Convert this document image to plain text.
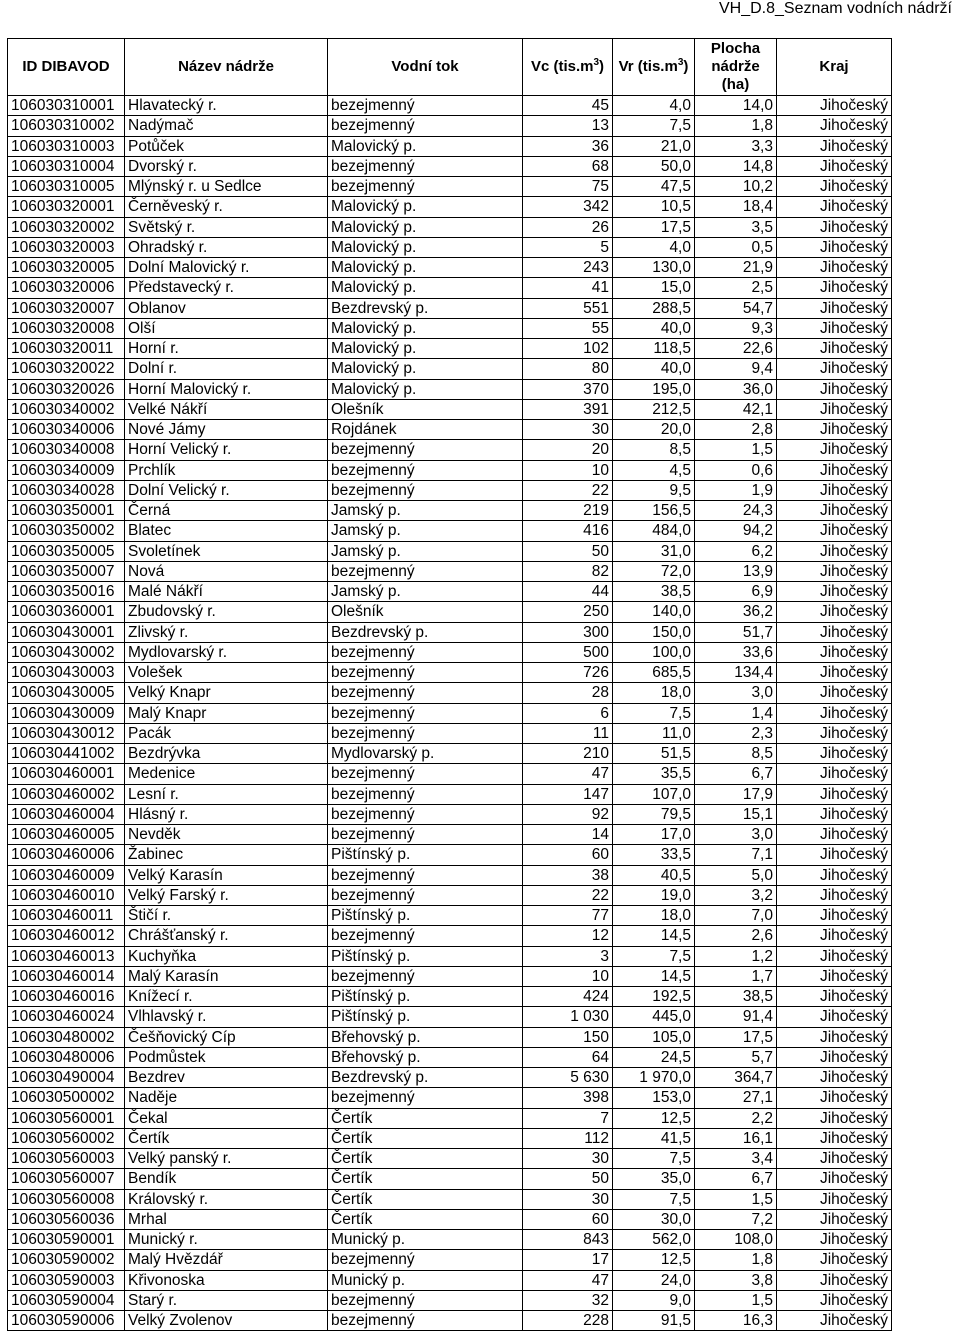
VH_D.8_Seznam vodních nádrží
ID DIBAVOD	Název nádrže	Vodní tok	Vc $(tis.m^3)$	Vr $(tis.m^3)$	Plocha
nádrže
(ha)	Kraj
106030310001	Hlavatecký r.	bezejmenný	45	4,0	14,0	Jihočeský
106030310002	Nadýmač	bezejmenný	13	7,5	1,8	Jihočeský
106030310003	Potůček	Malovický p.	36	21,0	3,3	Jihočeský
106030310004	Dvorský r.	bezejmenný	68	50,0	14,8	Jihočeský
106030310005	Mlýnský r. u Sedlce	bezejmenný	75	47,5	10,2	Jihočeský
106030320001	Černěveský r.	Malovický p.	342	10,5	18,4	Jihočeský
106030320002	Světský r.	Malovický p.	26	17,5	3,5	Jihočeský
106030320003	Ohradský r.	Malovický p.	5	4,0	0,5	Jihočeský
106030320005	Dolní Malovický r.	Malovický p.	243	130,0	21,9	Jihočeský
106030320006	Představecký r.	Malovický p.	41	15,0	2,5	Jihočeský
106030320007	Oblanov	Bezdrevský p.	551	288,5	54,7	Jihočeský
106030320008	Olší	Malovický p.	55	40,0	9,3	Jihočeský
106030320011	Horní r.	Malovický p.	102	118,5	22,6	Jihočeský
106030320022	Dolní r.	Malovický p.	80	40,0	9,4	Jihočeský
106030320026	Horní Malovický r.	Malovický p.	370	195,0	36,0	Jihočeský
106030340002	Velké Nákří	Olešník	391	212,5	42,1	Jihočeský
106030340006	Nové Jámy	Rojdánek	30	20,0	2,8	Jihočeský
106030340008	Horní Velický r.	bezejmenný	20	8,5	1,5	Jihočeský
106030340009	Prchlík	bezejmenný	10	4,5	0,6	Jihočeský
106030340028	Dolní Velický r.	bezejmenný	22	9,5	1,9	Jihočeský
106030350001	Černá	Jamský p.	219	156,5	24,3	Jihočeský
106030350002	Blatec	Jamský p.	416	484,0	94,2	Jihočeský
106030350005	Svoletínek	Jamský p.	50	31,0	6,2	Jihočeský
106030350007	Nová	bezejmenný	82	72,0	13,9	Jihočeský
106030350016	Malé Nákří	Jamský p.	44	38,5	6,9	Jihočeský
106030360001	Zbudovský r.	Olešník	250	140,0	36,2	Jihočeský
106030430001	Zlivský r.	Bezdrevský p.	300	150,0	51,7	Jihočeský
106030430002	Mydlovarský r.	bezejmenný	500	100,0	33,6	Jihočeský
106030430003	Volešek	bezejmenný	726	685,5	134,4	Jihočeský
106030430005	Velký Knapr	bezejmenný	28	18,0	3,0	Jihočeský
106030430009	Malý Knapr	bezejmenný	6	7,5	1,4	Jihočeský
106030430012	Pacák	bezejmenný	11	11,0	2,3	Jihočeský
106030441002	Bezdrývka	Mydlovarský p.	210	51,5	8,5	Jihočeský
106030460001	Medenice	bezejmenný	47	35,5	6,7	Jihočeský
106030460002	Lesní r.	bezejmenný	147	107,0	17,9	Jihočeský
106030460004	Hlásný r.	bezejmenný	92	79,5	15,1	Jihočeský
106030460005	Nevděk	bezejmenný	14	17,0	3,0	Jihočeský
106030460006	Žabinec	Pištínský p.	60	33,5	7,1	Jihočeský
106030460009	Velký Karasín	bezejmenný	38	40,5	5,0	Jihočeský
106030460010	Velký Farský r.	bezejmenný	22	19,0	3,2	Jihočeský
106030460011	Štičí r.	Pištínský p.	77	18,0	7,0	Jihočeský
106030460012	Chrášťanský r.	bezejmenný	12	14,5	2,6	Jihočeský
106030460013	Kuchyňka	Pištínský p.	3	7,5	1,2	Jihočeský
106030460014	Malý Karasín	bezejmenný	10	14,5	1,7	Jihočeský
106030460016	Knížecí r.	Pištínský p.	424	192,5	38,5	Jihočeský
106030460024	Vlhlavský r.	Pištínský p.	1 030	445,0	91,4	Jihočeský
106030480002	Češňovický Cíp	Břehovský p.	150	105,0	17,5	Jihočeský
106030480006	Podmůstek	Břehovský p.	64	24,5	5,7	Jihočeský
106030490004	Bezdrev	Bezdrevský p.	5 630	1 970,0	364,7	Jihočeský
106030500002	Naděje	bezejmenný	398	153,0	27,1	Jihočeský
106030560001	Čekal	Čertík	7	12,5	2,2	Jihočeský
106030560002	Čertík	Čertík	112	41,5	16,1	Jihočeský
106030560003	Velký panský r.	Čertík	30	7,5	3,4	Jihočeský
106030560007	Bendík	Čertík	50	35,0	6,7	Jihočeský
106030560008	Královský r.	Čertík	30	7,5	1,5	Jihočeský
106030560036	Mrhal	Čertík	60	30,0	7,2	Jihočeský
106030590001	Munický r.	Munický p.	843	562,0	108,0	Jihočeský
106030590002	Malý Hvězdář	bezejmenný	17	12,5	1,8	Jihočeský
106030590003	Křivonoska	Munický p.	47	24,0	3,8	Jihočeský
106030590004	Starý r.	bezejmenný	32	9,0	1,5	Jihočeský
106030590006	Velký Zvolenov	bezejmenný	228	91,5	16,3	Jihočeský
